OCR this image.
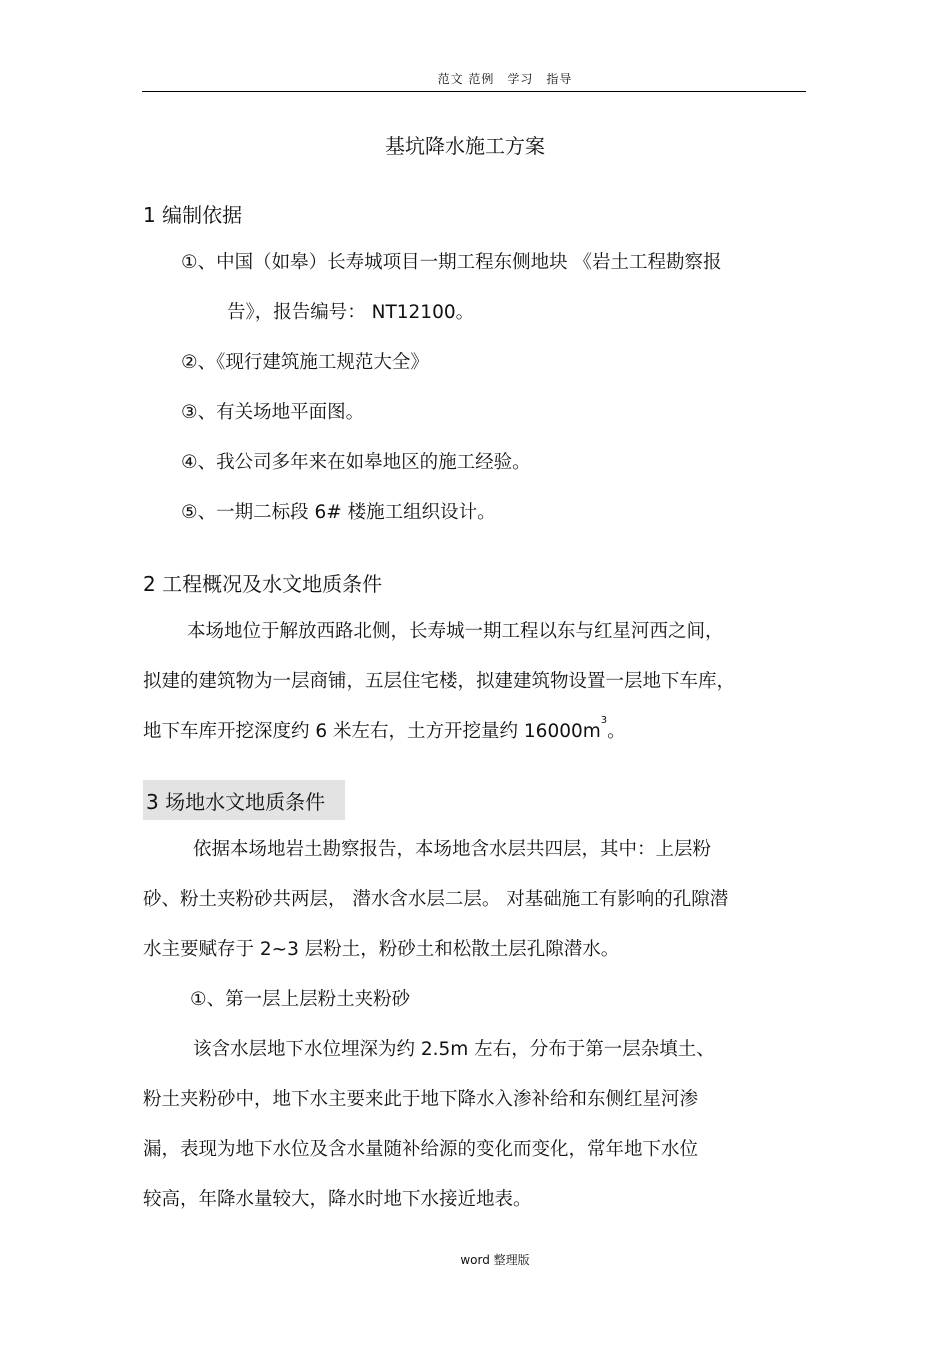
范文 范例　学习　指导
基坑降水施工方案
1 编制依据
①、中国（如皋）长寿城项目一期工程东侧地块 《岩土工程勘察报
告》，报告编号： NT12100。
②、《现行建筑施工规范大全》
③、有关场地平面图。
④、我公司多年来在如皋地区的施工经验。
⑤、一期二标段 6# 楼施工组织设计。
2 工程概况及水文地质条件
本场地位于解放西路北侧，长寿城一期工程以东与红星河西之间，
拟建的建筑物为一层商铺，五层住宅楼，拟建建筑物设置一层地下车库，
地下车库开挖深度约 6 米左右，土方开挖量约 $16000m^3$。
3 场地水文地质条件
依据本场地岩土勘察报告，本场地含水层共四层，其中：上层粉
砂、粉土夹粉砂共两层， 潜水含水层二层。 对基础施工有影响的孔隙潜
水主要赋存于 2~3 层粉土，粉砂土和松散土层孔隙潜水。
①、第一层上层粉土夹粉砂
该含水层地下水位埋深为约 2.5m 左右，分布于第一层杂填土、
粉土夹粉砂中，地下水主要来此于地下降水入渗补给和东侧红星河渗
漏，表现为地下水位及含水量随补给源的变化而变化，常年地下水位
较高，年降水量较大，降水时地下水接近地表。
word 整理版
